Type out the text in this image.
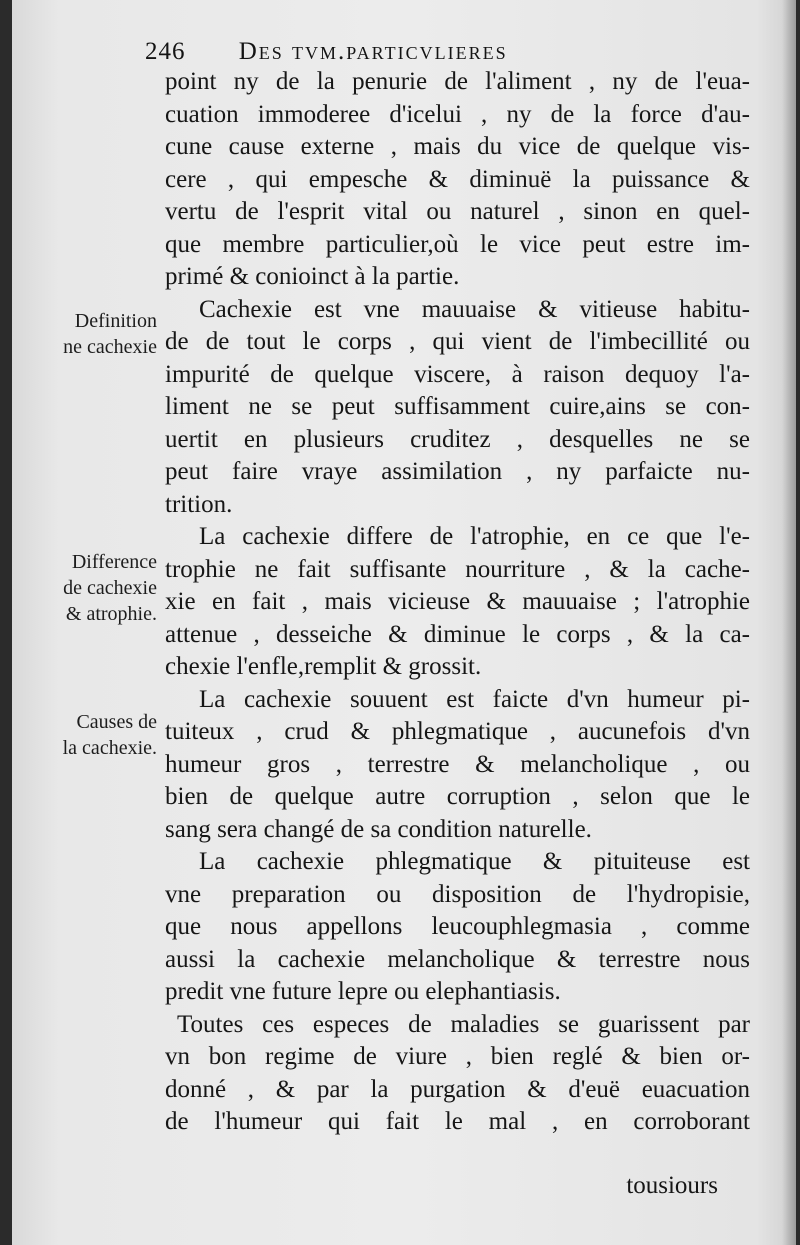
246 Des tvm.particvlieres
Definition
ne cachexie
Difference
de cachexie
& atrophie.
Causes de
la cachexie.
point ny de la penurie de l'aliment , ny de l'eua-
cuation immoderee d'icelui , ny de la force d'au-
cune cause externe , mais du vice de quelque vis-
cere , qui empesche & diminuë la puissance &
vertu de l'esprit vital ou naturel , sinon en quel-
que membre particulier,où le vice peut estre im-
primé & conioinct à la partie.
Cachexie est vne mauuaise & vitieuse habitu-
de de tout le corps , qui vient de l'imbecillité ou
impurité de quelque viscere, à raison dequoy l'a-
liment ne se peut suffisamment cuire,ains se con-
uertit en plusieurs cruditez , desquelles ne se
peut faire vraye assimilation , ny parfaicte nu-
trition.
La cachexie differe de l'atrophie, en ce que l'e-
trophie ne fait suffisante nourriture , & la cache-
xie en fait , mais vicieuse & mauuaise ; l'atrophie
attenue , desseiche & diminue le corps , & la ca-
chexie l'enfle,remplit & grossit.
La cachexie souuent est faicte d'vn humeur pi-
tuiteux , crud & phlegmatique , aucunefois d'vn
humeur gros , terrestre & melancholique , ou
bien de quelque autre corruption , selon que le
sang sera changé de sa condition naturelle.
La cachexie phlegmatique & pituiteuse est
vne preparation ou disposition de l'hydropisie,
que nous appellons leucouphlegmasia , comme
aussi la cachexie melancholique & terrestre nous
predit vne future lepre ou elephantiasis.
Toutes ces especes de maladies se guarissent par
vn bon regime de viure , bien reglé & bien or-
donné , & par la purgation & d'euë euacuation
de l'humeur qui fait le mal , en corroborant
tousiours
